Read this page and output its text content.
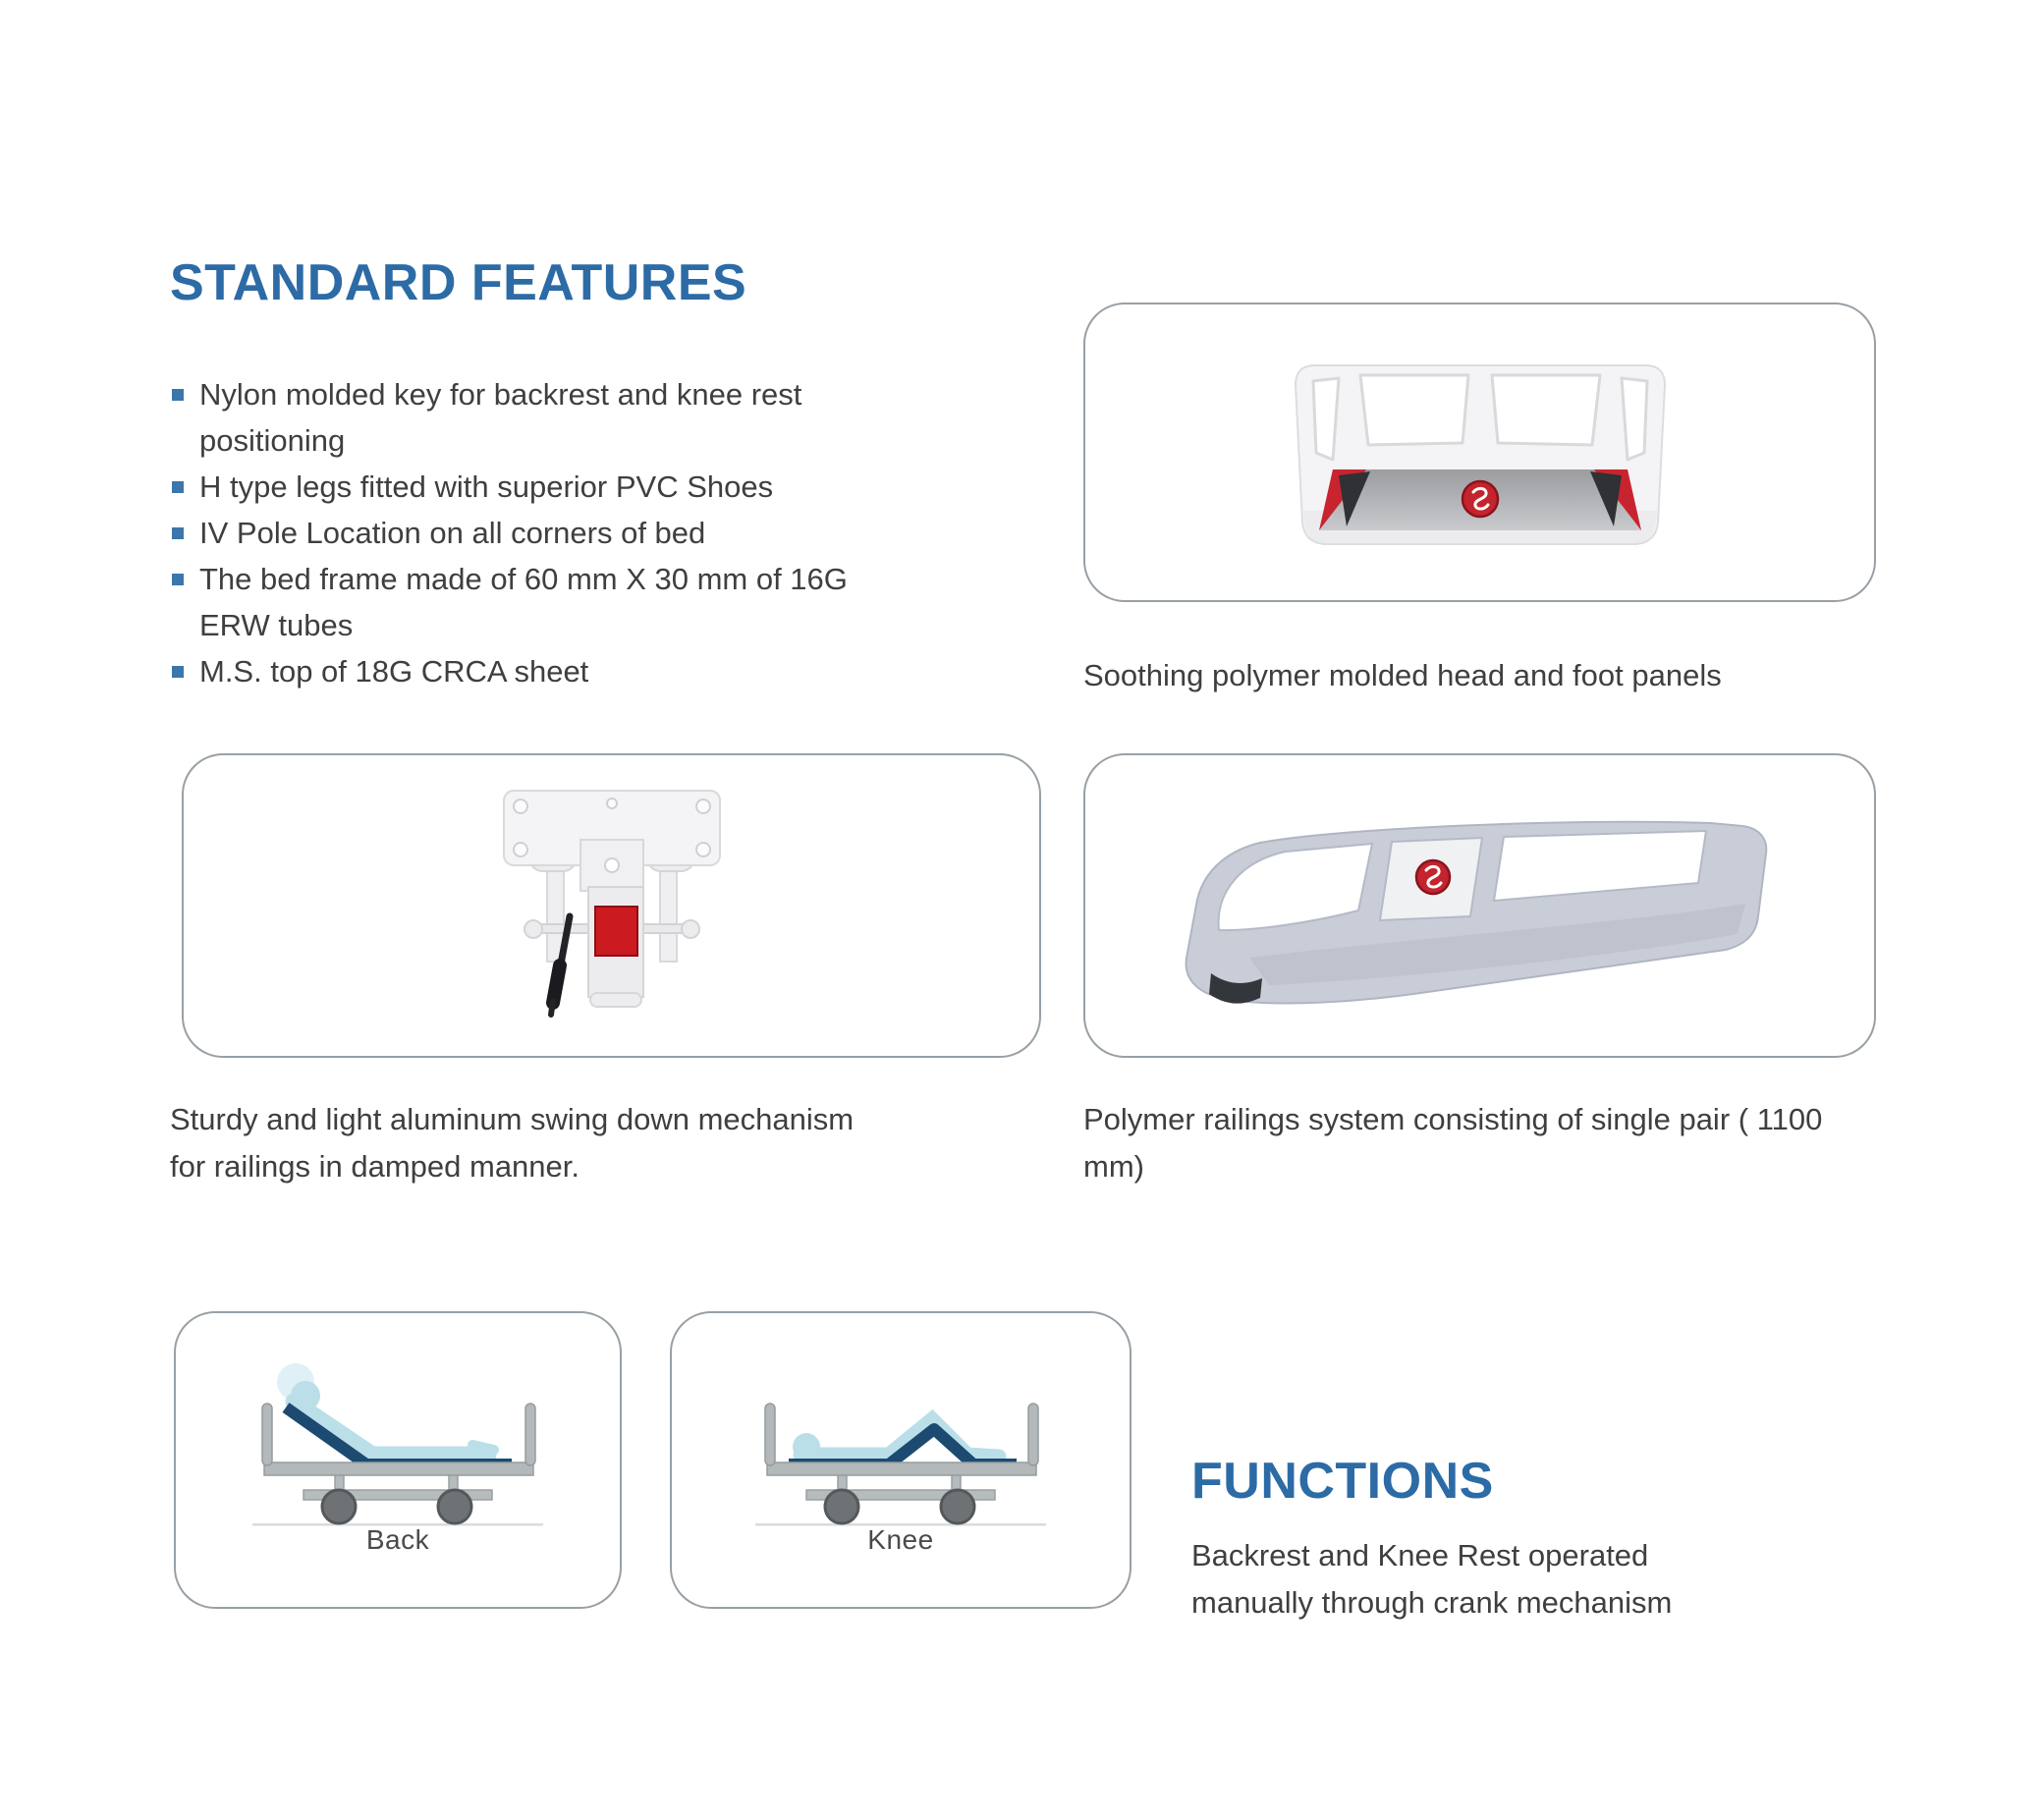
STANDARD FEATURES
Nylon molded key for backrest and knee rest positioning
H type legs fitted with superior PVC Shoes
IV Pole Location on all corners of bed
The bed frame made of 60 mm X 30 mm of 16G ERW tubes
M.S. top of 18G CRCA sheet	Soothing polymer molded head and foot panels
Sturdy and light aluminum swing down mechanism for railings in damped manner.
Polymer railings system consisting of single pair ( 1100 mm)
Back	Knee
FUNCTIONS
Backrest and Knee Rest operated manually through crank mechanism
